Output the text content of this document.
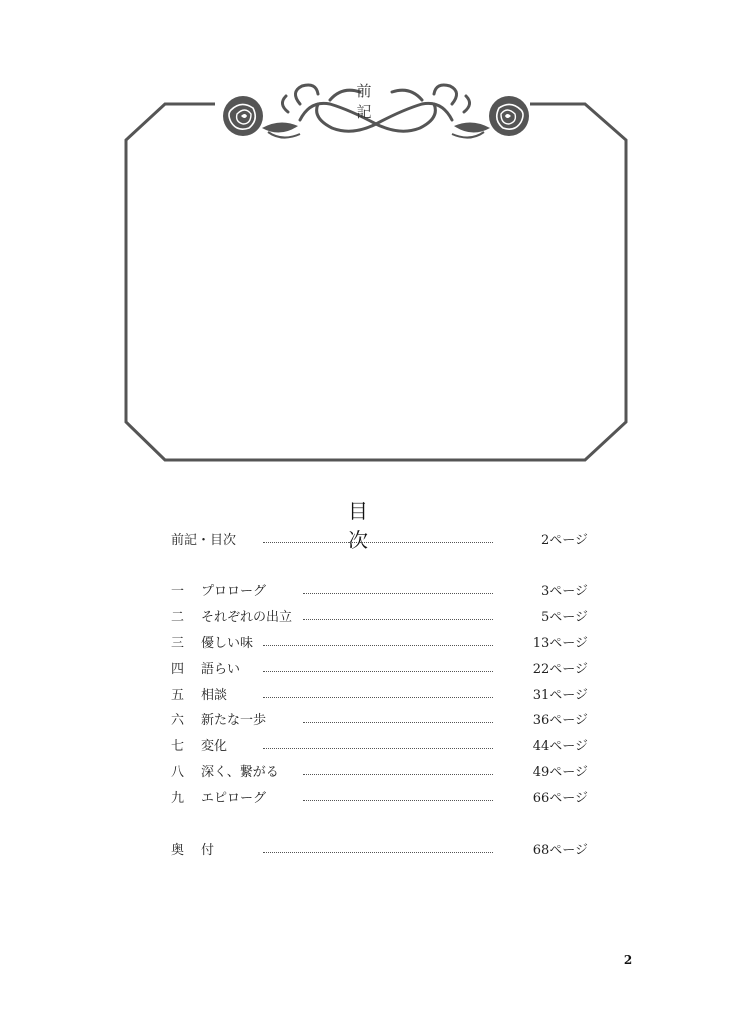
前 記
目 次
前記・目次	2ページ
一 プロローグ	3ページ
二 それぞれの出立	5ページ
三 優しい味	13ページ
四 語らい	22ページ
五 相談	31ページ
六 新たな一歩	36ページ
七 変化	44ページ
八 深く、繋がる	49ページ
九 エピローグ	66ページ
奥 付	68ページ
2
